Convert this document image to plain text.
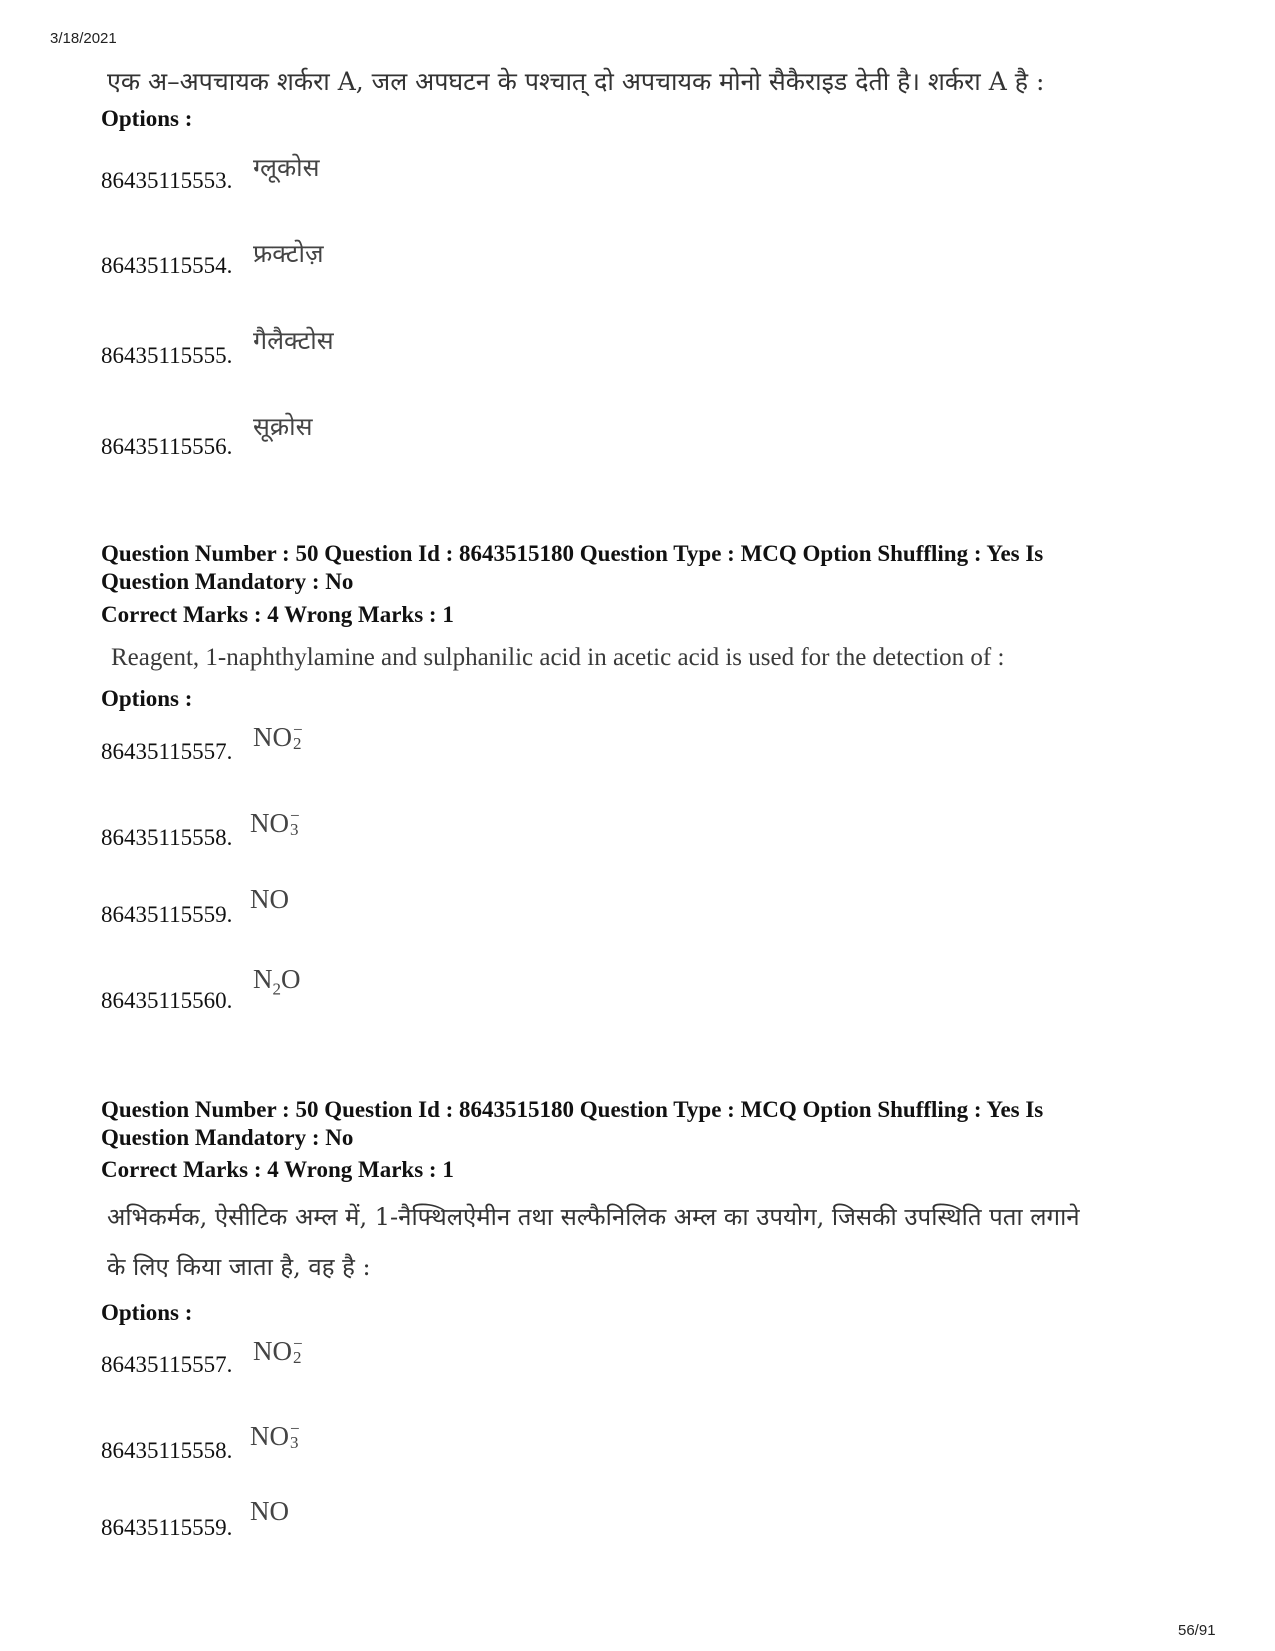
3/18/2021
एक अ–अपचायक शर्करा A, जल अपघटन के पश्चात् दो अपचायक मोनो सैकैराइड देती है। शर्करा A है :
Options :
86435115553. ग्लूकोस
86435115554. फ्रक्टोज़
86435115555.
गैलैक्टोस
86435115556.
सूक्रोस
Question Number : 50 Question Id : 8643515180 Question Type : MCQ Option Shuffling : Yes Is
Question Mandatory : No
Correct Marks : 4 Wrong Marks : 1
Reagent, 1-naphthylamine and sulphanilic acid in acetic acid is used for the detection of :
Options :
86435115557. NO −
2
86435115558. NO −
3
86435115559.
NO
86435115560.
$N_2O$
Question Number : 50 Question Id : 8643515180 Question Type : MCQ Option Shuffling : Yes Is
Question Mandatory : No
Correct Marks : 4 Wrong Marks : 1
अभिकर्मक, ऐसीटिक अम्ल में, 1-नैफ्थिलऐमीन तथा सल्फैनिलिक अम्ल का उपयोग, जिसकी उपस्थिति पता लगाने
के लिए किया जाता है, वह है :
Options :
86435115557. NO −
2
86435115558. NO −
3
86435115559.
NO
56/91
